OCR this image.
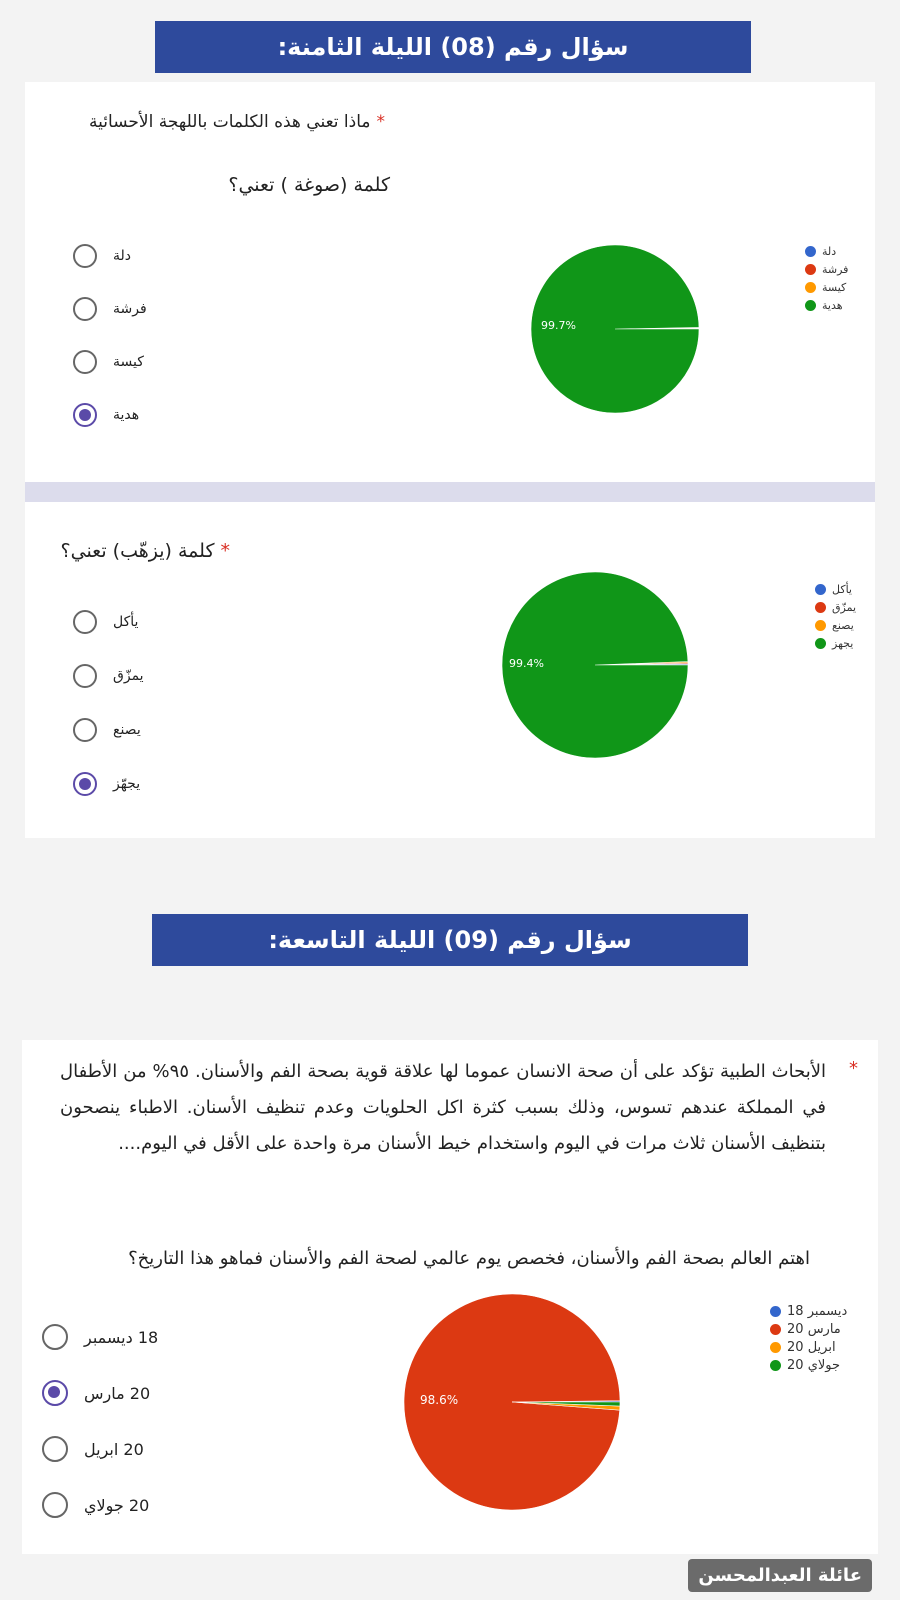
سؤال رقم (08) الليلة الثامنة:
*ماذا تعني هذه الكلمات باللهجة الأحسائية
كلمة (صوغة ) تعني؟
دلة
فرشة
كيسة
هدية
99.7%
دلة
فرشة
كيسة
هدية
*كلمة (يزهّب) تعني؟
يأكل
يمزّق
يصنع
يجهّز
99.4%
يأكل
يمزّق
يصنع
يجهز
سؤال رقم (09) الليلة التاسعة:
*
الأبحاث الطبية تؤكد على أن صحة الانسان عموما لها علاقة قوية بصحة الفم والأسنان. ٩٥% من الأطفال في المملكة عندهم تسوس، وذلك بسبب كثرة اكل الحلويات وعدم تنظيف الأسنان. الاطباء ينصحون بتنظيف الأسنان ثلاث مرات في اليوم واستخدام خيط الأسنان مرة واحدة على الأقل في اليوم....
اهتم العالم بصحة الفم والأسنان، فخصص يوم عالمي لصحة الفم والأسنان فماهو هذا التاريخ؟
18 ديسمبر
20 مارس
20 ابريل
20 جولاي
98.6%
18 ديسمبر
20 مارس
20 ابريل
20 جولاي
عائلة العبدالمحسن
